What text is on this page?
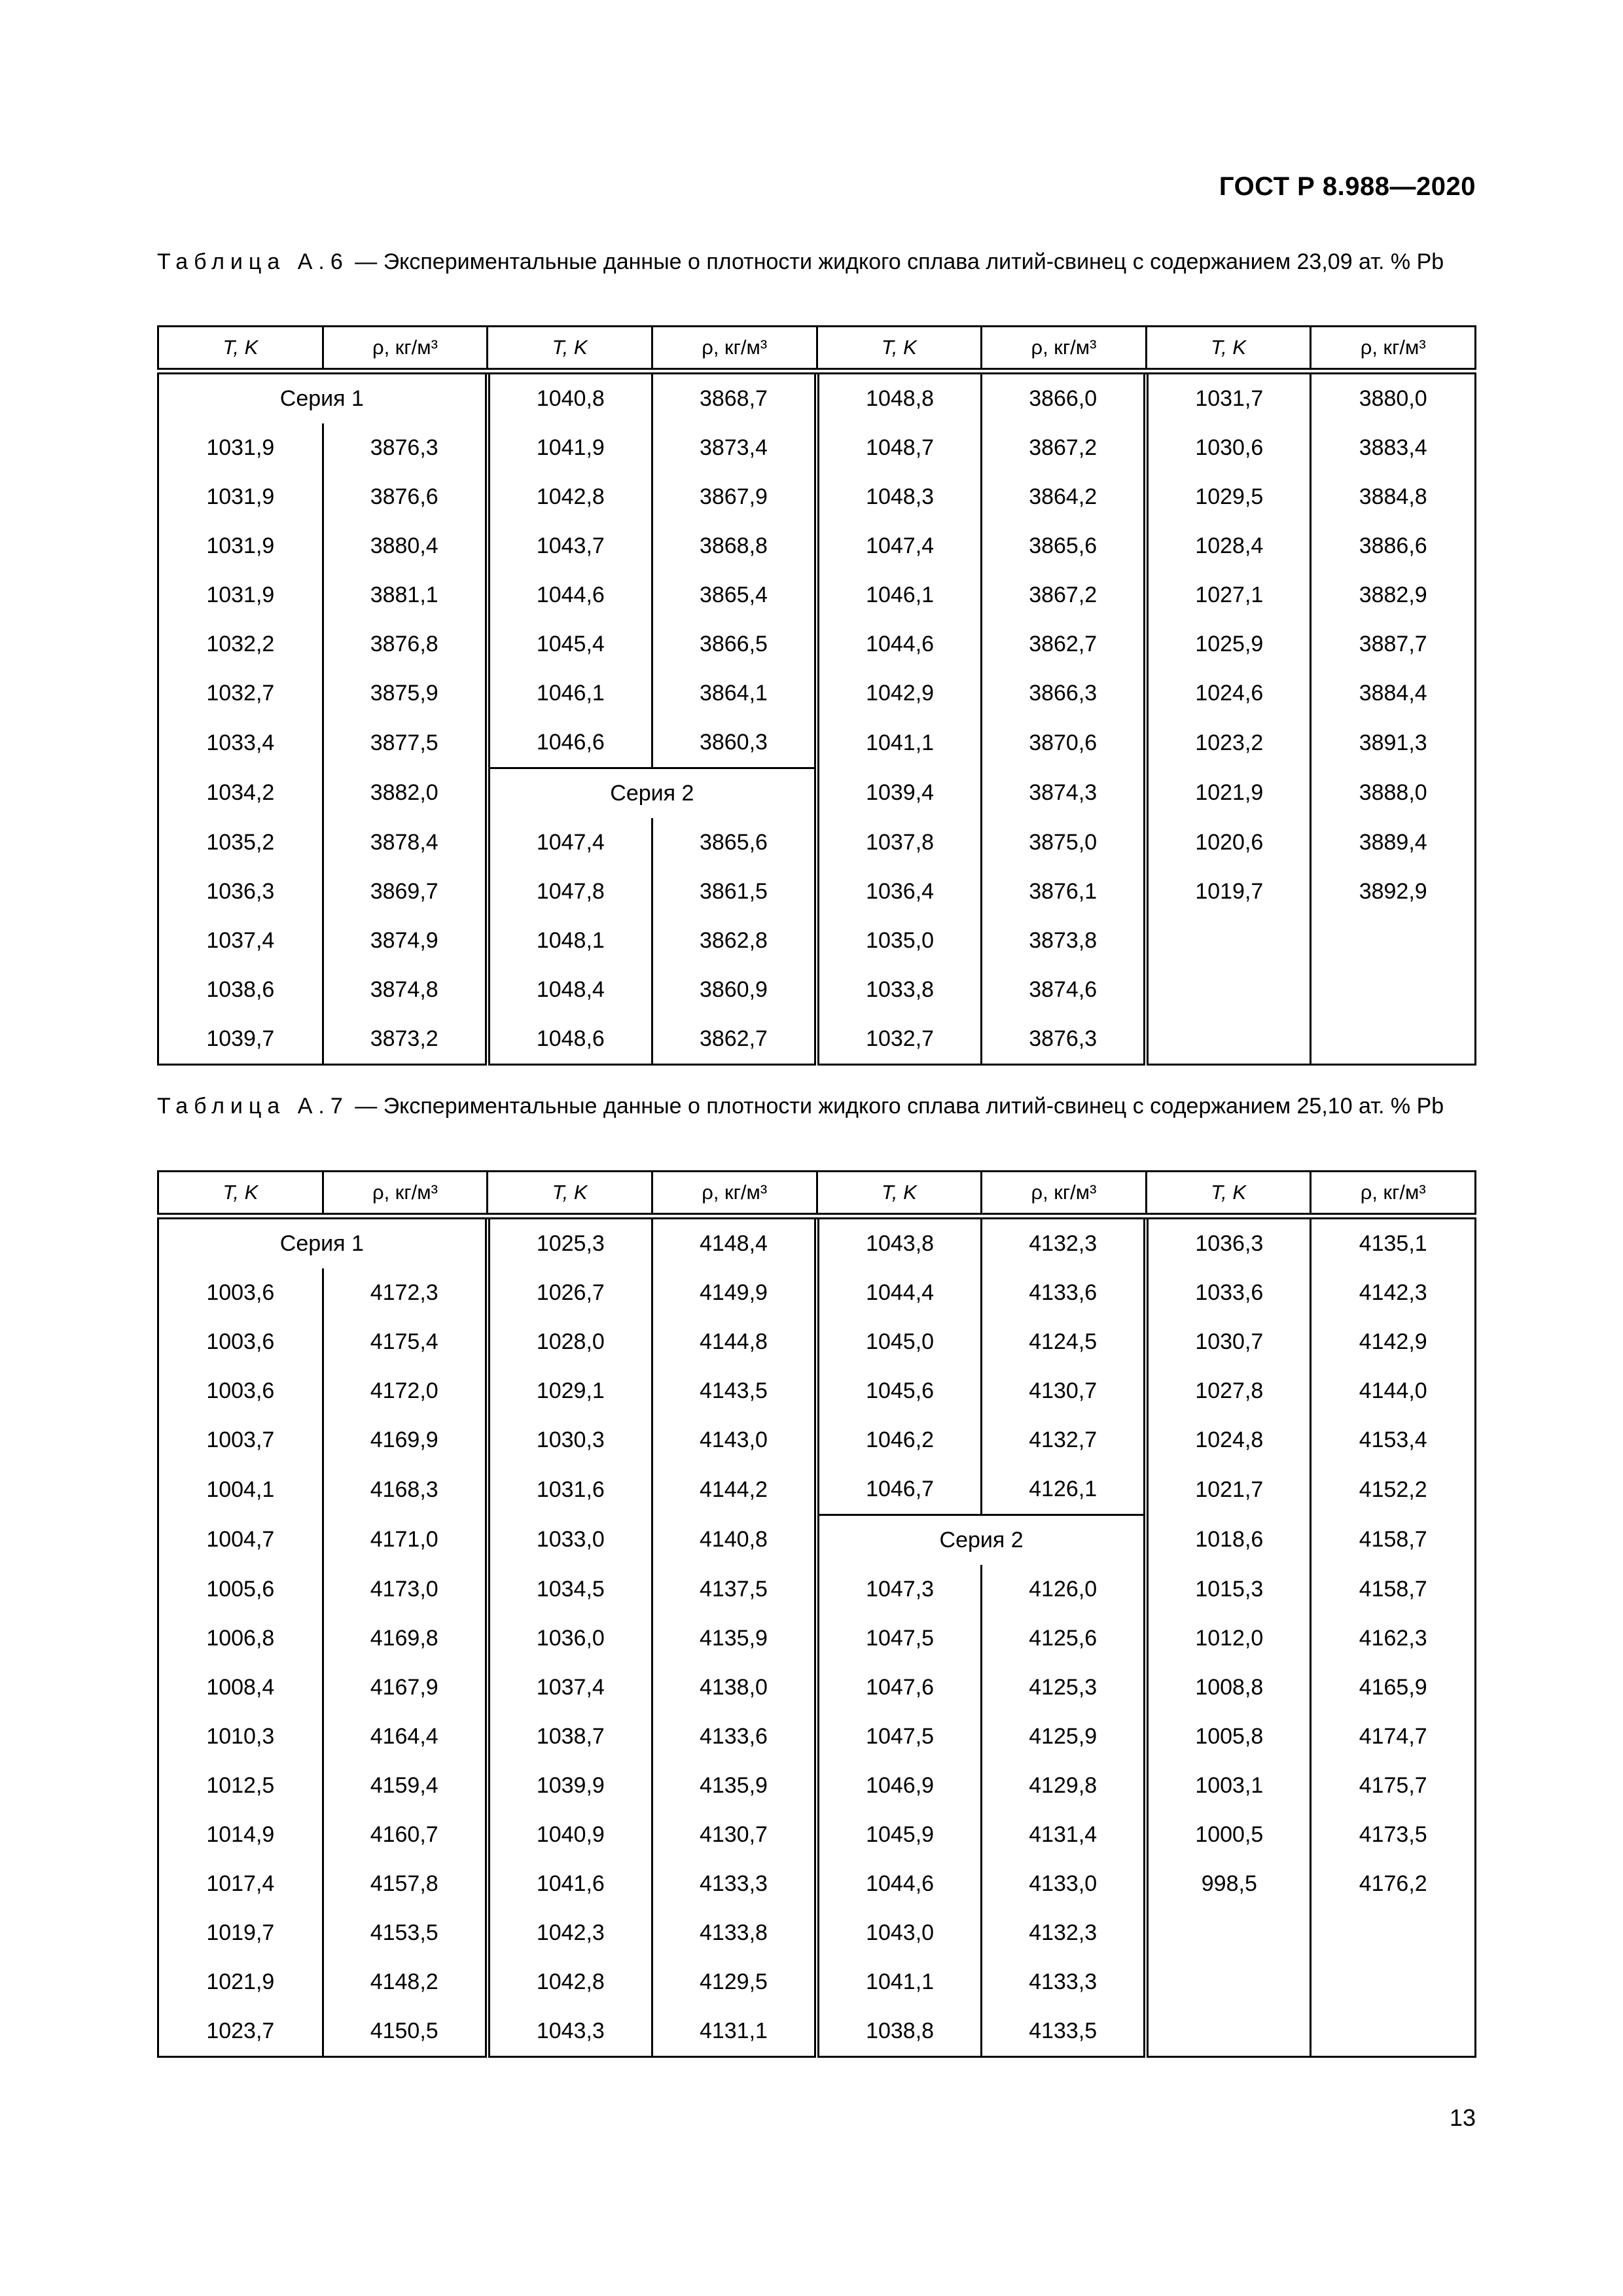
ГОСТ Р 8.988—2020
Таблица А.6 — Экспериментальные данные о плотности жидкого сплава литий-свинец с содержанием 23,09 ат. % Pb
T, K	ρ, кг/м³	T, K	ρ, кг/м³	T, K	ρ, кг/м³	T, K	ρ, кг/м³
Серия 1		1040,8	3868,7	1048,8	3866,0	1031,7	3880,0
1031,9	3876,3	1041,9	3873,4	1048,7	3867,2	1030,6	3883,4
1031,9	3876,6	1042,8	3867,9	1048,3	3864,2	1029,5	3884,8
1031,9	3880,4	1043,7	3868,8	1047,4	3865,6	1028,4	3886,6
1031,9	3881,1	1044,6	3865,4	1046,1	3867,2	1027,1	3882,9
1032,2	3876,8	1045,4	3866,5	1044,6	3862,7	1025,9	3887,7
1032,7	3875,9	1046,1	3864,1	1042,9	3866,3	1024,6	3884,4
1033,4	3877,5	1046,6	3860,3	1041,1	3870,6	1023,2	3891,3
1034,2	3882,0	Серия 2		1039,4	3874,3	1021,9	3888,0
1035,2	3878,4	1047,4	3865,6	1037,8	3875,0	1020,6	3889,4
1036,3	3869,7	1047,8	3861,5	1036,4	3876,1	1019,7	3892,9
1037,4	3874,9	1048,1	3862,8	1035,0	3873,8		
1038,6	3874,8	1048,4	3860,9	1033,8	3874,6		
1039,7	3873,2	1048,6	3862,7	1032,7	3876,3		
Таблица А.7 — Экспериментальные данные о плотности жидкого сплава литий-свинец с содержанием 25,10 ат. % Pb
T, K	ρ, кг/м³	T, K	ρ, кг/м³	T, K	ρ, кг/м³	T, K	ρ, кг/м³
Серия 1		1025,3	4148,4	1043,8	4132,3	1036,3	4135,1
1003,6	4172,3	1026,7	4149,9	1044,4	4133,6	1033,6	4142,3
1003,6	4175,4	1028,0	4144,8	1045,0	4124,5	1030,7	4142,9
1003,6	4172,0	1029,1	4143,5	1045,6	4130,7	1027,8	4144,0
1003,7	4169,9	1030,3	4143,0	1046,2	4132,7	1024,8	4153,4
1004,1	4168,3	1031,6	4144,2	1046,7	4126,1	1021,7	4152,2
1004,7	4171,0	1033,0	4140,8	Серия 2		1018,6	4158,7
1005,6	4173,0	1034,5	4137,5	1047,3	4126,0	1015,3	4158,7
1006,8	4169,8	1036,0	4135,9	1047,5	4125,6	1012,0	4162,3
1008,4	4167,9	1037,4	4138,0	1047,6	4125,3	1008,8	4165,9
1010,3	4164,4	1038,7	4133,6	1047,5	4125,9	1005,8	4174,7
1012,5	4159,4	1039,9	4135,9	1046,9	4129,8	1003,1	4175,7
1014,9	4160,7	1040,9	4130,7	1045,9	4131,4	1000,5	4173,5
1017,4	4157,8	1041,6	4133,3	1044,6	4133,0	998,5	4176,2
1019,7	4153,5	1042,3	4133,8	1043,0	4132,3		
1021,9	4148,2	1042,8	4129,5	1041,1	4133,3		
1023,7	4150,5	1043,3	4131,1	1038,8	4133,5		
13
